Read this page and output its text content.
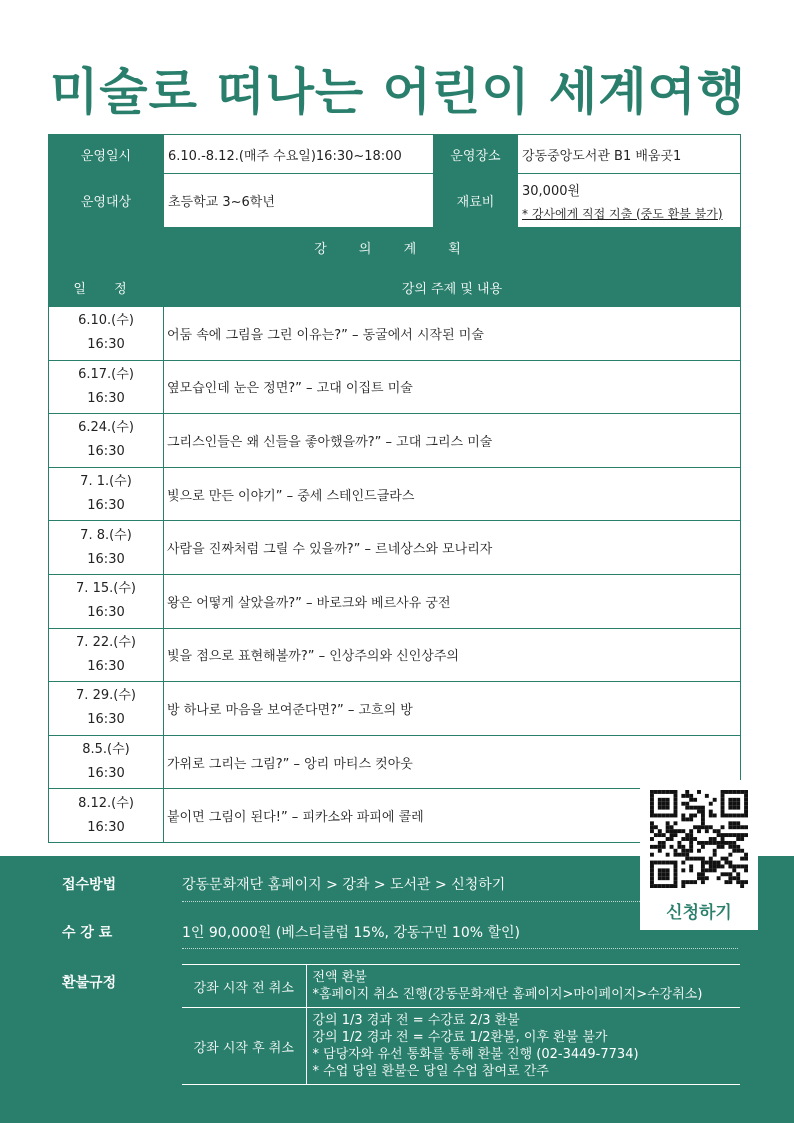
미술로 떠나는 어린이 세계여행
운영일시	6.10.-8.12.(매주 수요일)16:30~18:00	운영장소	강동중앙도서관 B1 배움곳1
운영대상	초등학교 3~6학년	재료비	30,000원
* 강사에게 직접 지출 (중도 환불 불가)
강 의 계 획	
일 정	강의 주제 및 내용

6.10.(수)
16:30	어둠 속에 그림을 그린 이유는?” – 동굴에서 시작된 미술

6.17.(수)
16:30	옆모습인데 눈은 정면?” – 고대 이집트 미술

6.24.(수)
16:30	그리스인들은 왜 신들을 좋아했을까?” – 고대 그리스 미술

7. 1.(수)
16:30	빛으로 만든 이야기” – 중세 스테인드글라스

7. 8.(수)
16:30	사람을 진짜처럼 그릴 수 있을까?” – 르네상스와 모나리자

7. 15.(수)
16:30	왕은 어떻게 살았을까?” – 바로크와 베르사유 궁전

7. 22.(수)
16:30	빛을 점으로 표현해볼까?” – 인상주의와 신인상주의

7. 29.(수)
16:30	방 하나로 마음을 보여준다면?” – 고흐의 방

8.5.(수)
16:30	가위로 그리는 그림?” – 앙리 마티스 컷아웃

8.12.(수)
16:30	붙이면 그림이 된다!” – 피카소와 파피에 콜레
접수방법	강동문화재단 홈페이지 > 강좌 > 도서관 > 신청하기
수 강 료	1인 90,000원 (베스티클럽 15%, 강동구민 10% 할인)
환불규정	강좌 시작 전 취소	전액 환불
*홈페이지 취소 진행(강동문화재단 홈페이지>마이페이지>수강취소)

강좌 시작 후 취소	강의 1/3 경과 전 = 수강료 2/3 환불
강의 1/2 경과 전 = 수강료 1/2환불, 이후 환불 불가
* 담당자와 유선 통화를 통해 환불 진행 (02-3449-7734)
* 수업 당일 환불은 당일 수업 참여로 간주
신청하기
